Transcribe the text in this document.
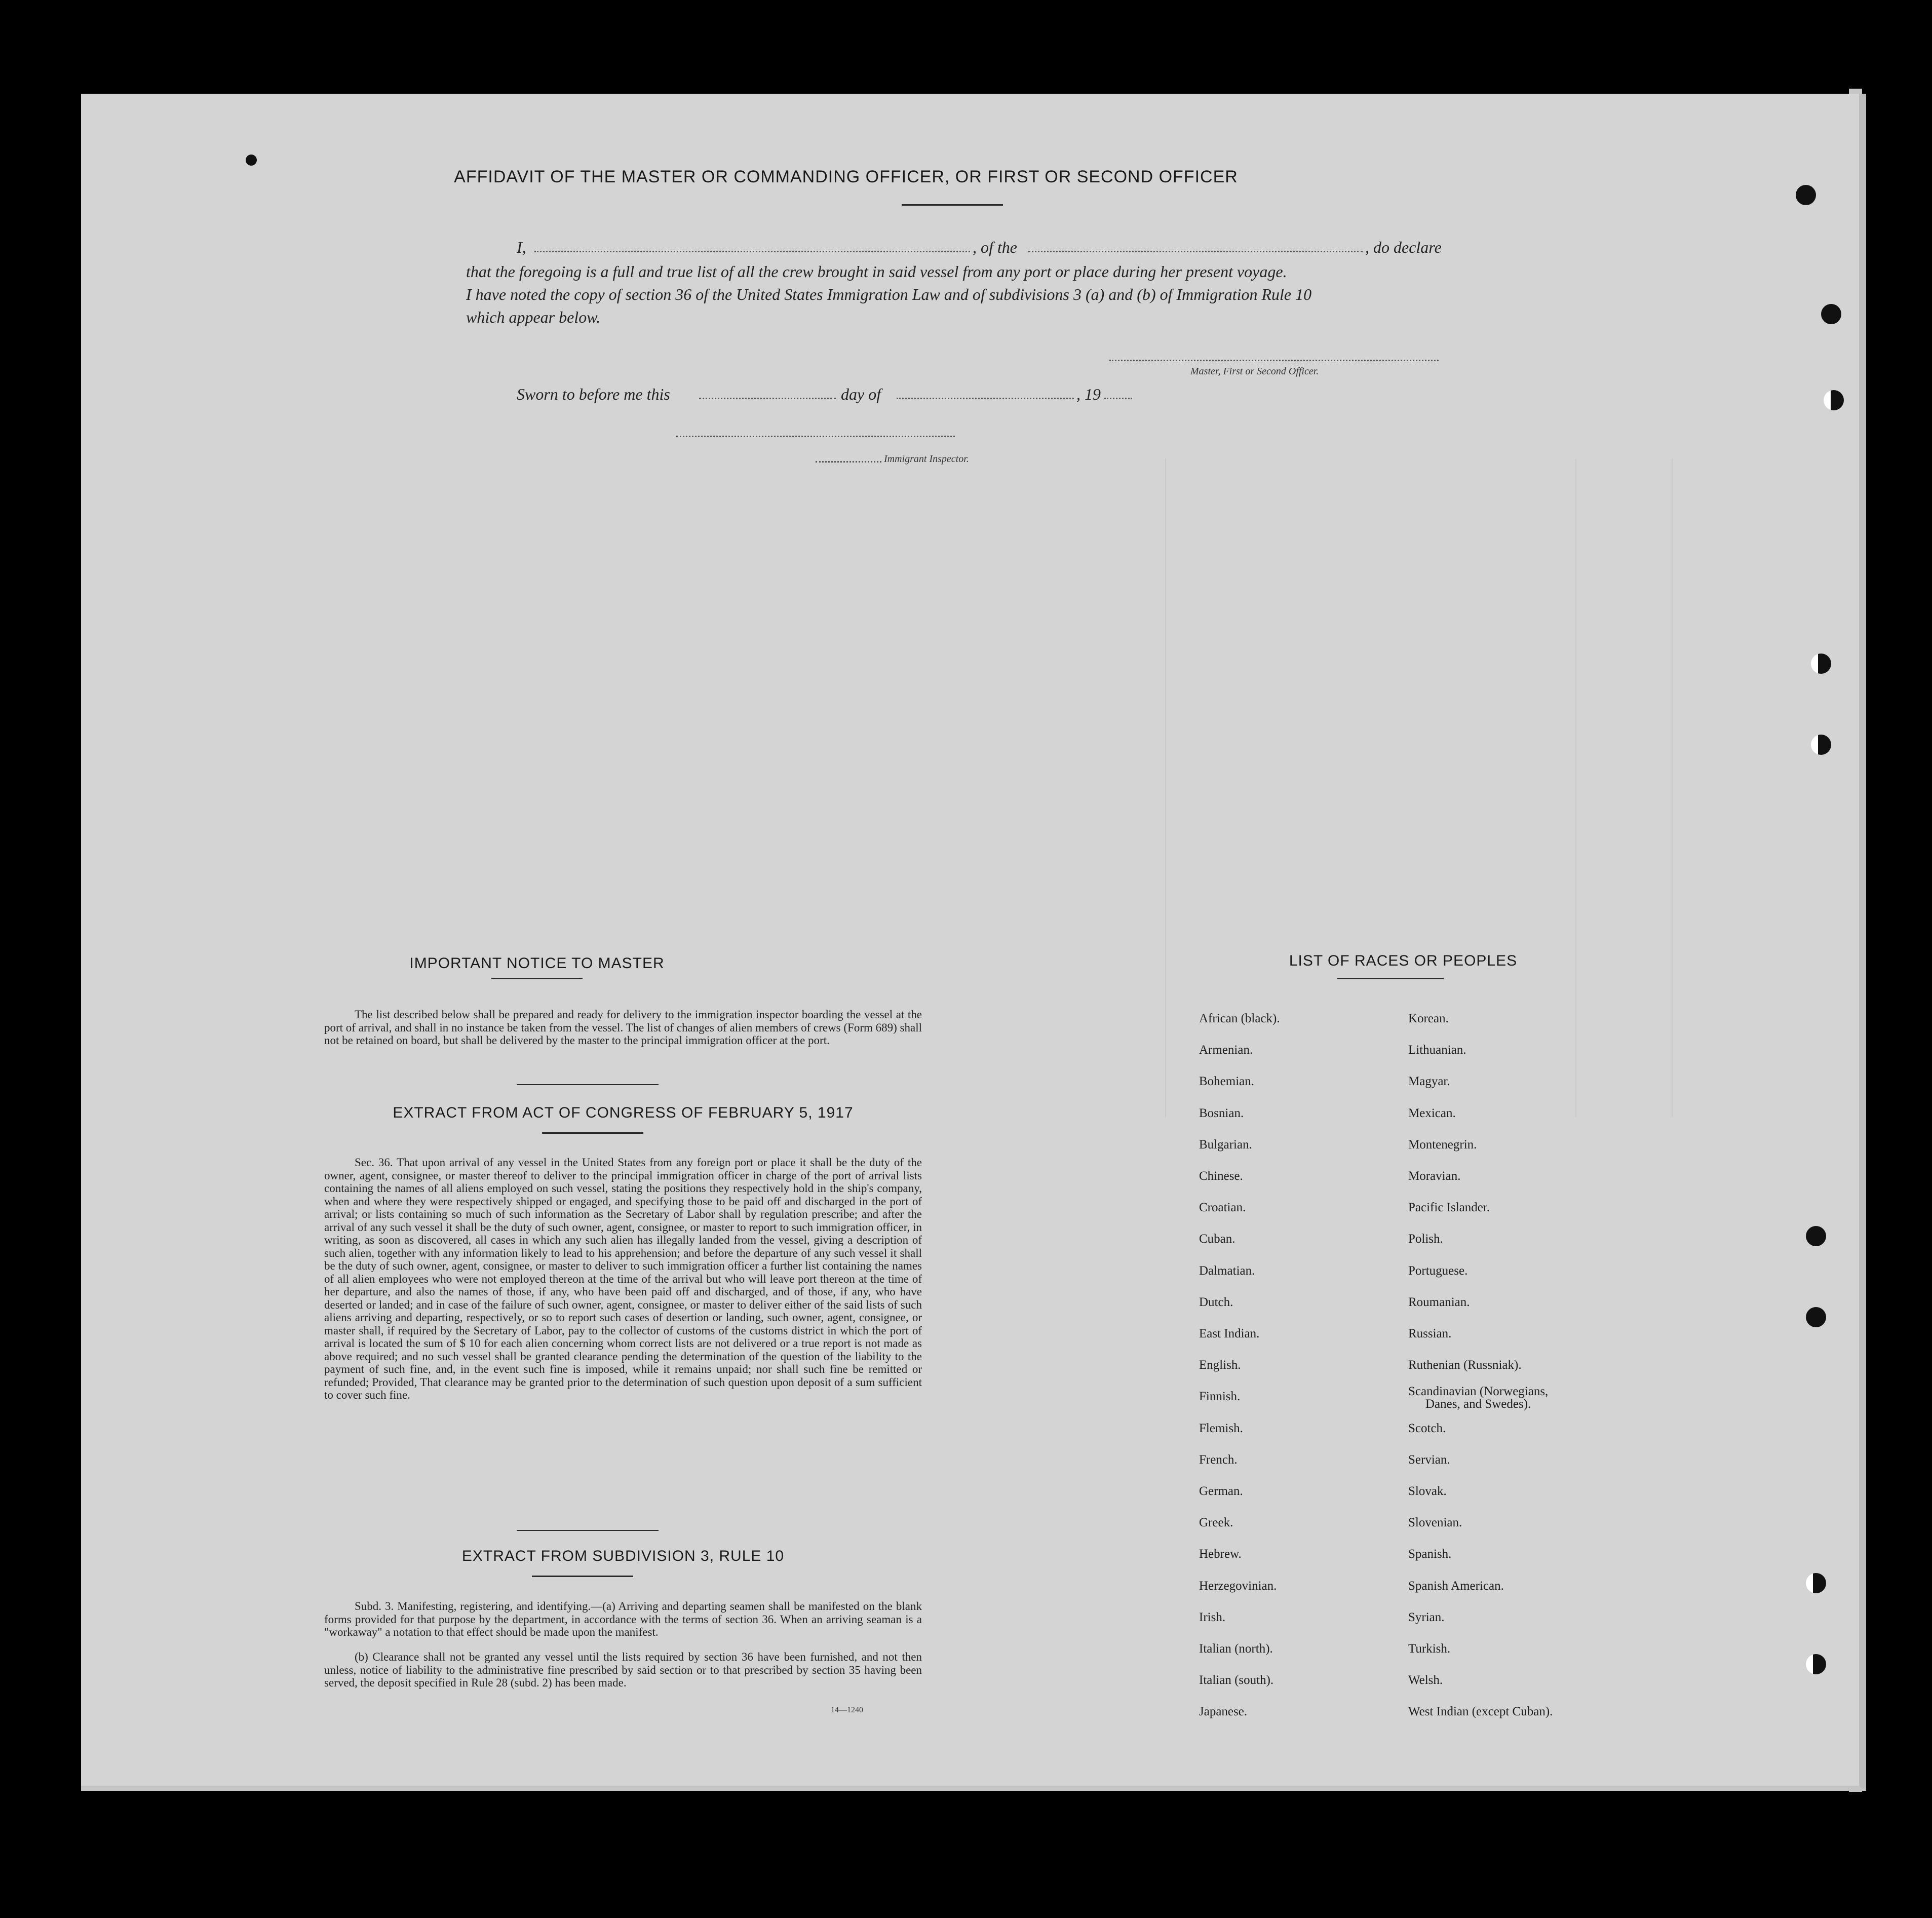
AFFIDAVIT OF THE MASTER OR COMMANDING OFFICER, OR FIRST OR SECOND OFFICER
I,	, of the	, do declare
that the foregoing is a full and true list of all the crew brought in said vessel from any port or place during her present voyage.
I have noted the copy of section 36 of the United States Immigration Law and of subdivisions 3 (a) and (b) of Immigration Rule 10
which appear below.
Master, First or Second Officer.
Sworn to before me this	day of	, 19
Immigrant Inspector.
IMPORTANT NOTICE TO MASTER
The list described below shall be prepared and ready for delivery to the immigration inspector boarding the vessel at the port of arrival, and shall in no instance be taken from the vessel. The list of changes of alien members of crews (Form 689) shall not be retained on board, but shall be delivered by the master to the principal immigration officer at the port.
EXTRACT FROM ACT OF CONGRESS OF FEBRUARY 5, 1917
Sec. 36. That upon arrival of any vessel in the United States from any foreign port or place it shall be the duty of the owner, agent, consignee, or master thereof to deliver to the principal immigration officer in charge of the port of arrival lists containing the names of all aliens employed on such vessel, stating the positions they respectively hold in the ship's company, when and where they were respectively shipped or engaged, and specifying those to be paid off and discharged in the port of arrival; or lists containing so much of such information as the Secretary of Labor shall by regulation prescribe; and after the arrival of any such vessel it shall be the duty of such owner, agent, consignee, or master to report to such immigration officer, in writing, as soon as discovered, all cases in which any such alien has illegally landed from the vessel, giving a description of such alien, together with any information likely to lead to his apprehension; and before the departure of any such vessel it shall be the duty of such owner, agent, consignee, or master to deliver to such immigration officer a further list containing the names of all alien employees who were not employed thereon at the time of the arrival but who will leave port thereon at the time of her departure, and also the names of those, if any, who have been paid off and discharged, and of those, if any, who have deserted or landed; and in case of the failure of such owner, agent, consignee, or master to deliver either of the said lists of such aliens arriving and departing, respectively, or so to report such cases of desertion or landing, such owner, agent, consignee, or master shall, if required by the Secretary of Labor, pay to the collector of customs of the customs district in which the port of arrival is located the sum of $ 10 for each alien concerning whom correct lists are not delivered or a true report is not made as above required; and no such vessel shall be granted clearance pending the determination of the question of the liability to the payment of such fine, and, in the event such fine is imposed, while it remains unpaid; nor shall such fine be remitted or refunded; Provided, That clearance may be granted prior to the determination of such question upon deposit of a sum sufficient to cover such fine.
EXTRACT FROM SUBDIVISION 3, RULE 10
Subd. 3. Manifesting, registering, and identifying.—(a) Arriving and departing seamen shall be manifested on the blank forms provided for that purpose by the department, in accordance with the terms of section 36. When an arriving seaman is a "workaway" a notation to that effect should be made upon the manifest.
(b) Clearance shall not be granted any vessel until the lists required by section 36 have been furnished, and not then unless, notice of liability to the administrative fine prescribed by said section or to that prescribed by section 35 having been served, the deposit specified in Rule 28 (subd. 2) has been made.
14—1240
LIST OF RACES OR PEOPLES
Danes, and Swedes).
African (black).
Armenian.
Bohemian.
Bosnian.
Bulgarian.
Chinese.
Croatian.
Cuban.
Dalmatian.
Dutch.
East Indian.
English.
Finnish.
Flemish.
French.
German.
Greek.
Hebrew.
Herzegovinian.
Irish.
Italian (north).
Italian (south).
Japanese.
Korean.
Lithuanian.
Magyar.
Mexican.
Montenegrin.
Moravian.
Pacific Islander.
Polish.
Portuguese.
Roumanian.
Russian.
Ruthenian (Russniak).
Scandinavian (Norwegians,
Scotch.
Servian.
Slovak.
Slovenian.
Spanish.
Spanish American.
Syrian.
Turkish.
Welsh.
West Indian (except Cuban).
